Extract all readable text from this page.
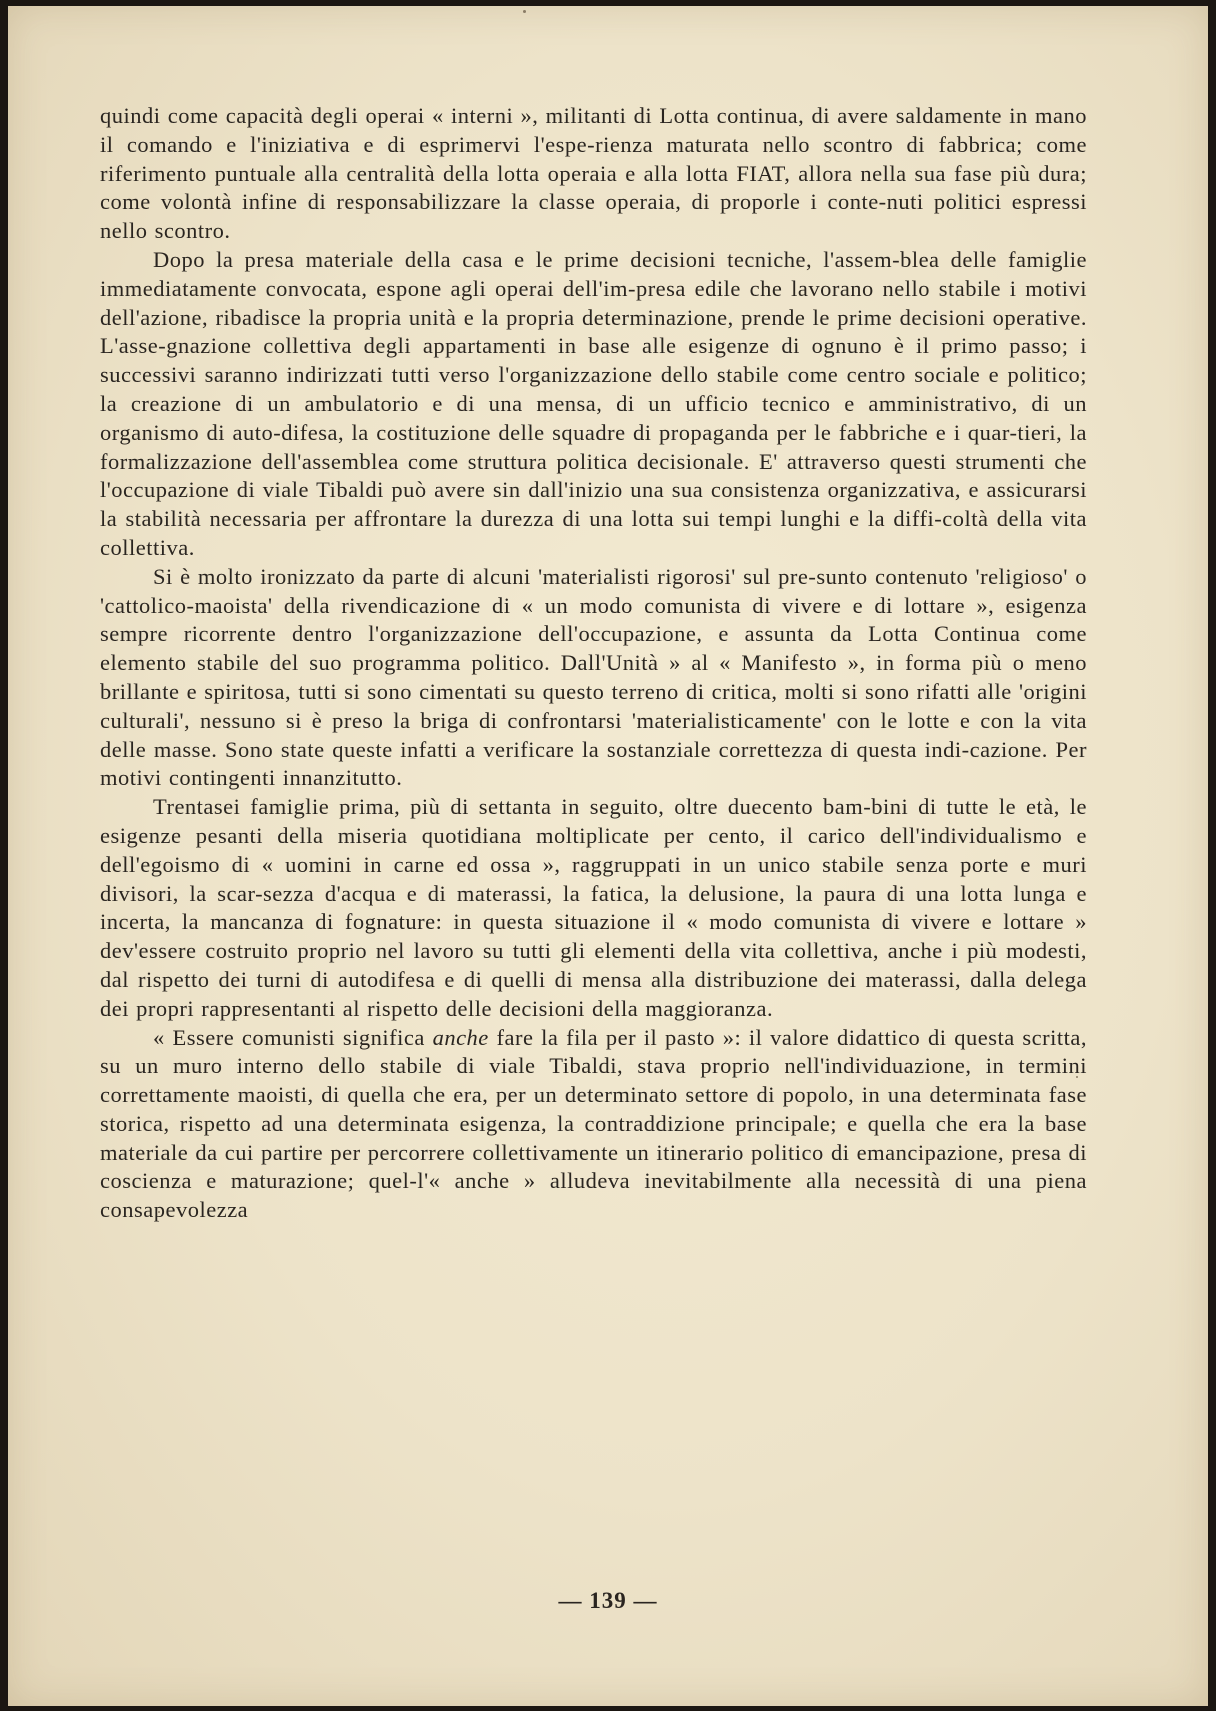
quindi come capacità degli operai « interni », militanti di Lotta continua, di avere saldamente in mano il comando e l'iniziativa e di esprimervi l'espe-rienza maturata nello scontro di fabbrica; come riferimento puntuale alla centralità della lotta operaia e alla lotta FIAT, allora nella sua fase più dura; come volontà infine di responsabilizzare la classe operaia, di proporle i conte-nuti politici espressi nello scontro.

Dopo la presa materiale della casa e le prime decisioni tecniche, l'assem-blea delle famiglie immediatamente convocata, espone agli operai dell'im-presa edile che lavorano nello stabile i motivi dell'azione, ribadisce la propria unità e la propria determinazione, prende le prime decisioni operative. L'asse-gnazione collettiva degli appartamenti in base alle esigenze di ognuno è il primo passo; i successivi saranno indirizzati tutti verso l'organizzazione dello stabile come centro sociale e politico; la creazione di un ambulatorio e di una mensa, di un ufficio tecnico e amministrativo, di un organismo di auto-difesa, la costituzione delle squadre di propaganda per le fabbriche e i quar-tieri, la formalizzazione dell'assemblea come struttura politica decisionale. E' attraverso questi strumenti che l'occupazione di viale Tibaldi può avere sin dall'inizio una sua consistenza organizzativa, e assicurarsi la stabilità necessaria per affrontare la durezza di una lotta sui tempi lunghi e la diffi-coltà della vita collettiva.

Si è molto ironizzato da parte di alcuni 'materialisti rigorosi' sul pre-sunto contenuto 'religioso' o 'cattolico-maoista' della rivendicazione di « un modo comunista di vivere e di lottare », esigenza sempre ricorrente dentro l'organizzazione dell'occupazione, e assunta da Lotta Continua come elemento stabile del suo programma politico. Dall'Unità » al « Manifesto », in forma più o meno brillante e spiritosa, tutti si sono cimentati su questo terreno di critica, molti si sono rifatti alle 'origini culturali', nessuno si è preso la briga di confrontarsi 'materialisticamente' con le lotte e con la vita delle masse. Sono state queste infatti a verificare la sostanziale correttezza di questa indi-cazione. Per motivi contingenti innanzitutto.

Trentasei famiglie prima, più di settanta in seguito, oltre duecento bam-bini di tutte le età, le esigenze pesanti della miseria quotidiana moltiplicate per cento, il carico dell'individualismo e dell'egoismo di « uomini in carne ed ossa », raggruppati in un unico stabile senza porte e muri divisori, la scar-sezza d'acqua e di materassi, la fatica, la delusione, la paura di una lotta lunga e incerta, la mancanza di fognature: in questa situazione il « modo comunista di vivere e lottare » dev'essere costruito proprio nel lavoro su tutti gli elementi della vita collettiva, anche i più modesti, dal rispetto dei turni di autodifesa e di quelli di mensa alla distribuzione dei materassi, dalla delega dei propri rappresentanti al rispetto delle decisioni della maggioranza.

« Essere comunisti significa anche fare la fila per il pasto »: il valore didattico di questa scritta, su un muro interno dello stabile di viale Tibaldi, stava proprio nell'individuazione, in termini correttamente maoisti, di quella che era, per un determinato settore di popolo, in una determinata fase storica, rispetto ad una determinata esigenza, la contraddizione principale; e quella che era la base materiale da cui partire per percorrere collettivamente un itinerario politico di emancipazione, presa di coscienza e maturazione; quel-l'« anche » alludeva inevitabilmente alla necessità di una piena consapevolezza

— 139 —
